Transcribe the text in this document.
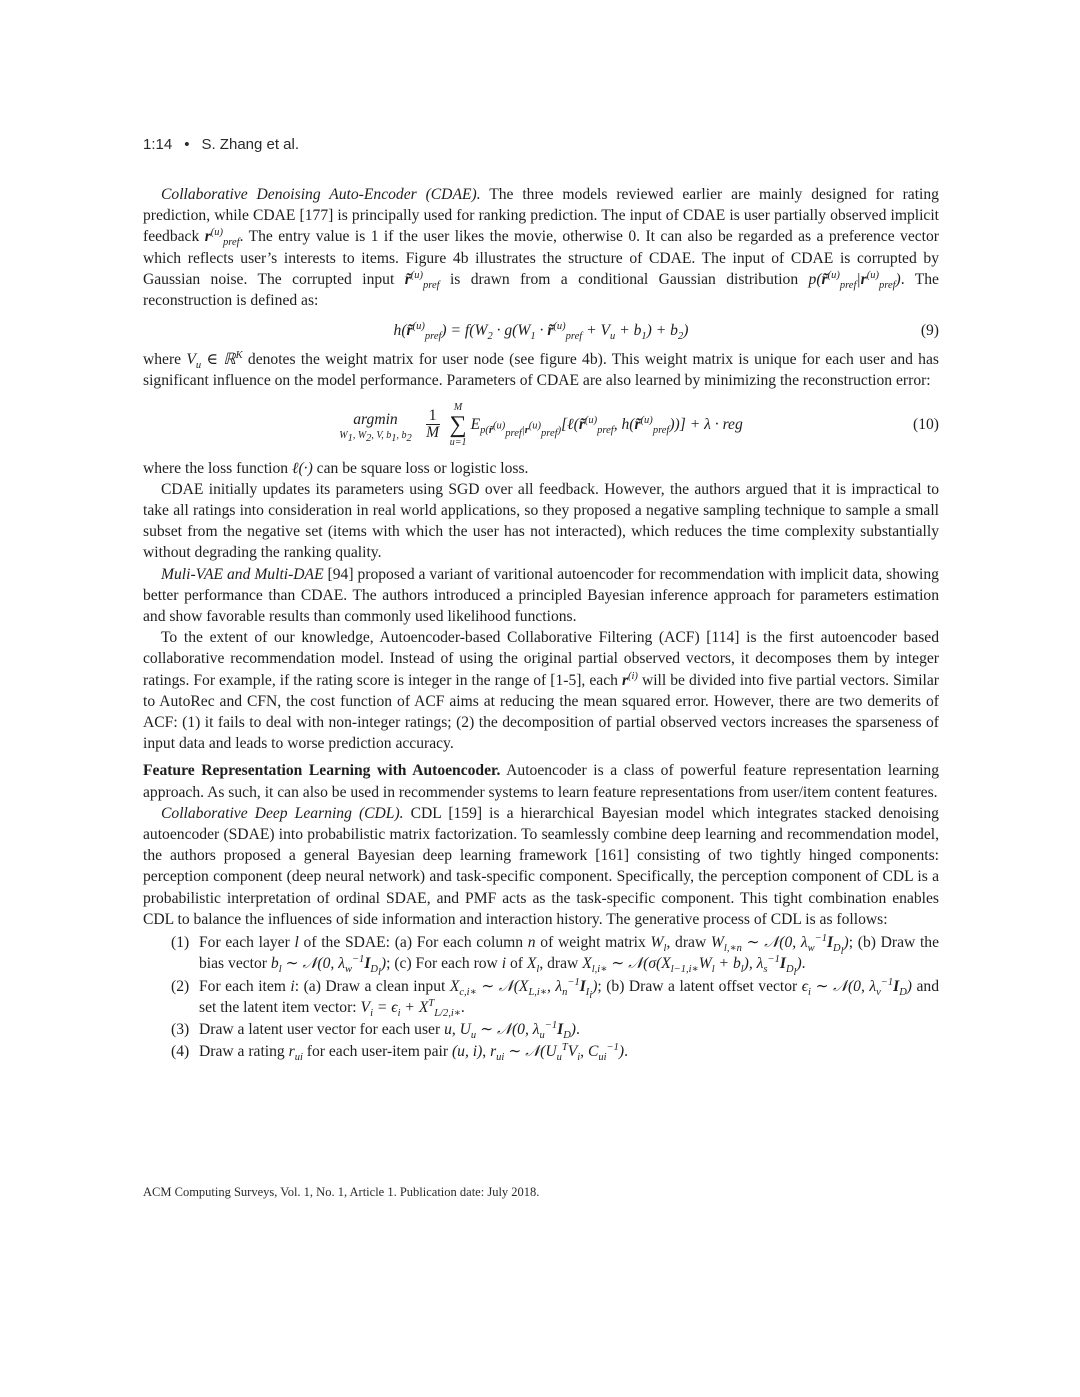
1:14 • S. Zhang et al.

Collaborative Denoising Auto-Encoder (CDAE). The three models reviewed earlier are mainly designed for rating prediction, while CDAE [177] is principally used for ranking prediction. The input of CDAE is user partially observed implicit feedback $r^{(u)}_{pref}$. The entry value is 1 if the user likes the movie, otherwise 0. It can also be regarded as a preference vector which reflects user’s interests to items. Figure 4b illustrates the structure of CDAE. The input of CDAE is corrupted by Gaussian noise. The corrupted input r̃$^{(u)}_{pref}$ is drawn from a conditional Gaussian distribution $p(r̃^{(u)}_{pref}|r^{(u)}_{pref})$. The reconstruction is defined as:

h(r̃$^{(u)}_{pref}$) = $f(W_2 \cdot g(W_1$ · r̃$^{(u)}_{pref}$ + $V_u + b_1) + b_2$)	(9)

where $V_u$ ∈ ℝ$^K$ denotes the weight matrix for user node (see figure 4b). This weight matrix is unique for each user and has significant influence on the model performance. Parameters of CDAE are also learned by minimizing the reconstruction error:

argmin
$W_1$, $W_2$, V, $b_1$, $b_2 \frac{1}{M}$
M
∑
u=1
$E_{p(r̃^{(u)}_{pref}|r^{(u)}_{pref})}[\ell(r̃^{(u)}_{pref}$, h(r̃$^{(u)}_{pref}$))] + λ · reg	(10)

where the loss function ℓ(·) can be square loss or logistic loss.

CDAE initially updates its parameters using SGD over all feedback. However, the authors argued that it is impractical to take all ratings into consideration in real world applications, so they proposed a negative sampling technique to sample a small subset from the negative set (items with which the user has not interacted), which reduces the time complexity substantially without degrading the ranking quality.

Muli-VAE and Multi-DAE [94] proposed a variant of varitional autoencoder for recommendation with implicit data, showing better performance than CDAE. The authors introduced a principled Bayesian inference approach for parameters estimation and show favorable results than commonly used likelihood functions.

To the extent of our knowledge, Autoencoder-based Collaborative Filtering (ACF) [114] is the first autoencoder based collaborative recommendation model. Instead of using the original partial observed vectors, it decomposes them by integer ratings. For example, if the rating score is integer in the range of [1-5], each $r^{(i)}$ will be divided into five partial vectors. Similar to AutoRec and CFN, the cost function of ACF aims at reducing the mean squared error. However, there are two demerits of ACF: (1) it fails to deal with non-integer ratings; (2) the decomposition of partial observed vectors increases the sparseness of input data and leads to worse prediction accuracy.

Feature Representation Learning with Autoencoder. Autoencoder is a class of powerful feature representation learning approach. As such, it can also be used in recommender systems to learn feature representations from user/item content features.

Collaborative Deep Learning (CDL). CDL [159] is a hierarchical Bayesian model which integrates stacked denoising autoencoder (SDAE) into probabilistic matrix factorization. To seamlessly combine deep learning and recommendation model, the authors proposed a general Bayesian deep learning framework [161] consisting of two tightly hinged components: perception component (deep neural network) and task-specific component. Specifically, the perception component of CDL is a probabilistic interpretation of ordinal SDAE, and PMF acts as the task-specific component. This tight combination enables CDL to balance the influences of side information and interaction history. The generative process of CDL is as follows:

(1) For each layer l of the SDAE: (a) For each column n of weight matrix $W_l$, draw $W_{l,∗n}$ ∼ 𝒩(0, $\lambda_w^{-1}I_{D_l}$); (b) Draw the bias vector $b_l$ ∼ 𝒩(0, $\lambda_w^{-1}I_{D_l}$); (c) For each row i of $X_l$, draw $X_{l,i∗}$ ∼ $𝒩(\sigma(X_{l-1,i∗}W_l + b_l)$, $\lambda_s^{-1}I_{D_l}$).
(2) For each item i: (a) Draw a clean input $X_{c,i∗}$ ∼ $𝒩(X_{L,i∗}$, $\lambda_n^{-1}I_{I_i}$); (b) Draw a latent offset vector $\epsilon_i$ ∼ 𝒩(0, $\lambda_v^{-1}I_D$) and set the latent item vector: $V_i = \epsilon_i + X^T_{L/2,i∗}$.
(3) Draw a latent user vector for each user u, $U_u$ ∼ 𝒩(0, $\lambda_u^{-1}I_D$).
(4) Draw a rating $r_{ui}$ for each user-item pair (u, i), $r_{ui}$ ∼ $𝒩(U_u^TV_i$, $C_{ui}^{-1}$).
ACM Computing Surveys, Vol. 1, No. 1, Article 1. Publication date: July 2018.
